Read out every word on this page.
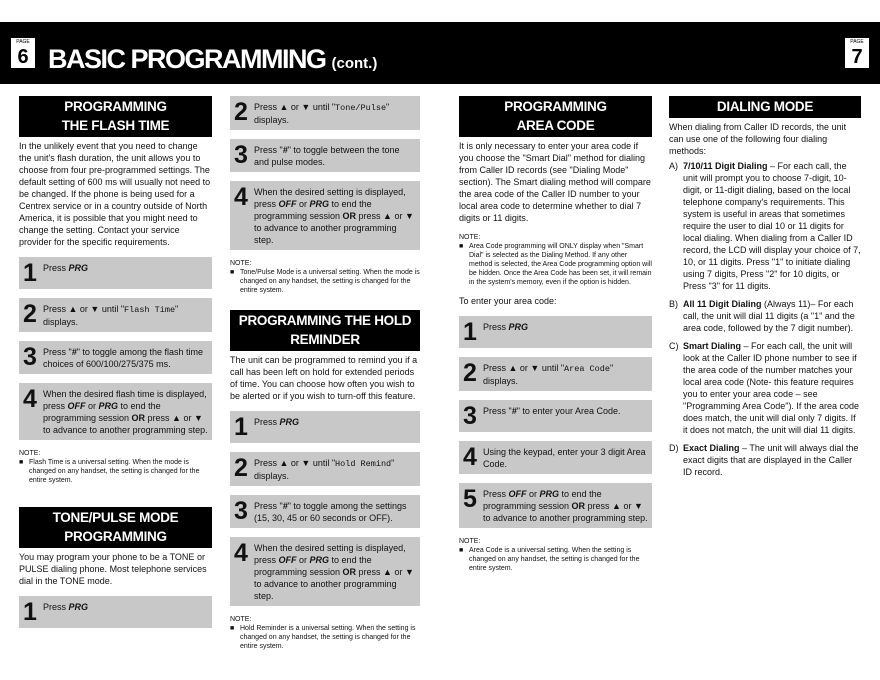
PAGE
6 BASIC PROGRAMMING (cont.)
PAGE
7
PROGRAMMING
THE FLASH TIME
In the unlikely event that you need to change the unit's flash duration, the unit allows you to choose from four pre-programmed settings. The default setting of 600 ms will usually not need to be changed. If the phone is being used for a Centrex service or in a country outside of North America, it is possible that you might need to change the setting. Contact your service provider for the specific requirements.
1 Press PRG
2 Press ▲ or ▼ until "Flash Time" displays.
3 Press "#" to toggle among the flash time choices of 600/100/275/375 ms.
4 When the desired flash time is displayed, press OFF or PRG to end the programming session OR press ▲ or ▼ to advance to another programming step.
NOTE:
■ Flash Time is a universal setting. When the mode is changed on any handset, the setting is changed for the entire system.
TONE/PULSE MODE
PROGRAMMING
You may program your phone to be a TONE or PULSE dialing phone. Most telephone services dial in the TONE mode.
1 Press PRG
2 Press ▲ or ▼ until "Tone/Pulse" displays.
3 Press "#" to toggle between the tone and pulse modes.
4 When the desired setting is displayed, press OFF or PRG to end the programming session OR press ▲ or ▼ to advance to another programming step.
NOTE:
■ Tone/Pulse Mode is a universal setting. When the mode is changed on any handset, the setting is changed for the entire system.
PROGRAMMING THE HOLD
REMINDER
The unit can be programmed to remind you if a call has been left on hold for extended periods of time. You can choose how often you wish to be alerted or if you wish to turn-off this feature.
1 Press PRG
2 Press ▲ or ▼ until "Hold Remind" displays.
3 Press "#" to toggle among the settings (15, 30, 45 or 60 seconds or OFF).
4 When the desired setting is displayed, press OFF or PRG to end the programming session OR press ▲ or ▼ to advance to another programming step.
NOTE:
■ Hold Reminder is a universal setting. When the setting is changed on any handset, the setting is changed for the entire system.
PROGRAMMING
AREA CODE
It is only necessary to enter your area code if you choose the "Smart Dial" method for dialing from Caller ID records (see "Dialing Mode" section). The Smart dialing method will compare the area code of the Caller ID number to your local area code to determine whether to dial 7 digits or 11 digits.
NOTE:
■ Area Code programming will ONLY display when "Smart Dial" is selected as the Dialing Method. If any other method is selected, the Area Code programming option will be hidden. Once the Area Code has been set, it will remain in the system's memory, even if the option is hidden.
To enter your area code:
1 Press PRG
2 Press ▲ or ▼ until "Area Code" displays.
3 Press "#" to enter your Area Code.
4 Using the keypad, enter your 3 digit Area Code.
5 Press OFF or PRG to end the programming session OR press ▲ or ▼ to advance to another programming step.
NOTE:
■ Area Code is a universal setting. When the setting is changed on any handset, the setting is changed for the entire system.
DIALING MODE
When dialing from Caller ID records, the unit can use one of the following four dialing methods:
A) 7/10/11 Digit Dialing – For each call, the unit will prompt you to choose 7-digit, 10-digit, or 11-digit dialing, based on the local telephone company's requirements. This system is useful in areas that sometimes require the user to dial 10 or 11 digits for local dialing. When dialing from a Caller ID record, the LCD will display your choice of 7, 10, or 11 digits. Press "1" to initiate dialing using 7 digits, Press "2" for 10 digits, or Press "3" for 11 digits.
B) All 11 Digit Dialing (Always 11)– For each call, the unit will dial 11 digits (a "1" and the area code, followed by the 7 digit number).
C) Smart Dialing – For each call, the unit will look at the Caller ID phone number to see if the area code of the number matches your local area code (Note- this feature requires you to enter your area code – see "Programming Area Code"). If the area code does match, the unit will dial only 7 digits. If it does not match, the unit will dial 11 digits.
D) Exact Dialing – The unit will always dial the exact digits that are displayed in the Caller ID record.
